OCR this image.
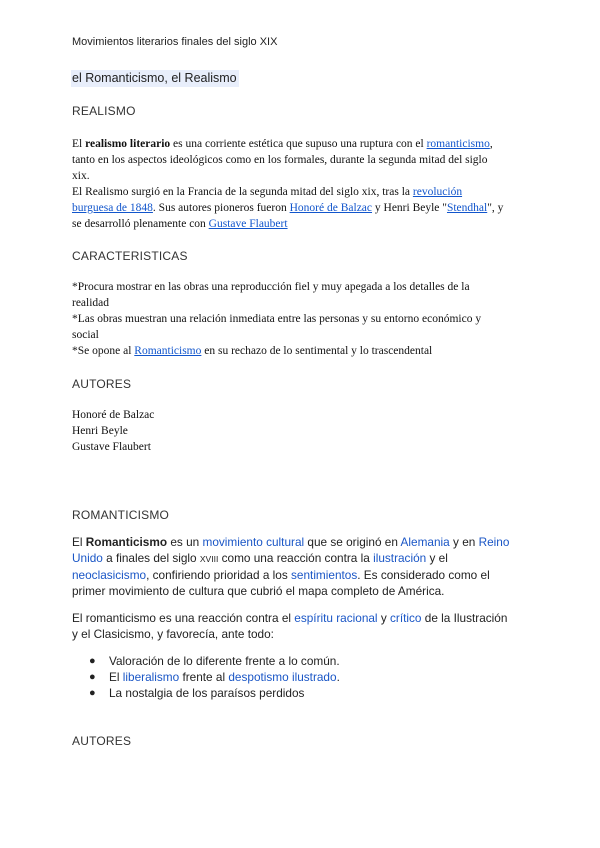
Movimientos literarios finales del siglo XIX
el Romanticismo, el Realismo
REALISMO
El realismo literario es una corriente estética que supuso una ruptura con el romanticismo,
tanto en los aspectos ideológicos como en los formales, durante la segunda mitad del siglo
xix.
El Realismo surgió en la Francia de la segunda mitad del siglo xix, tras la revolución
burguesa de 1848. Sus autores pioneros fueron Honoré de Balzac y Henri Beyle "Stendhal", y
se desarrolló plenamente con Gustave Flaubert
CARACTERISTICAS
*Procura mostrar en las obras una reproducción fiel y muy apegada a los detalles de la
realidad
*Las obras muestran una relación inmediata entre las personas y su entorno económico y
social
*Se opone al Romanticismo en su rechazo de lo sentimental y lo trascendental
AUTORES
Honoré de Balzac
Henri Beyle
Gustave Flaubert
ROMANTICISMO
El Romanticismo es un movimiento cultural que se originó en Alemania y en Reino
Unido a finales del siglo XVIII como una reacción contra la ilustración y el
neoclasicismo, confiriendo prioridad a los sentimientos. Es considerado como el
primer movimiento de cultura que cubrió el mapa completo de América.
El romanticismo es una reacción contra el espíritu racional y crítico de la Ilustración
y el Clasicismo, y favorecía, ante todo:
● Valoración de lo diferente frente a lo común.
● El liberalismo frente al despotismo ilustrado.
● La nostalgia de los paraísos perdidos
AUTORES
